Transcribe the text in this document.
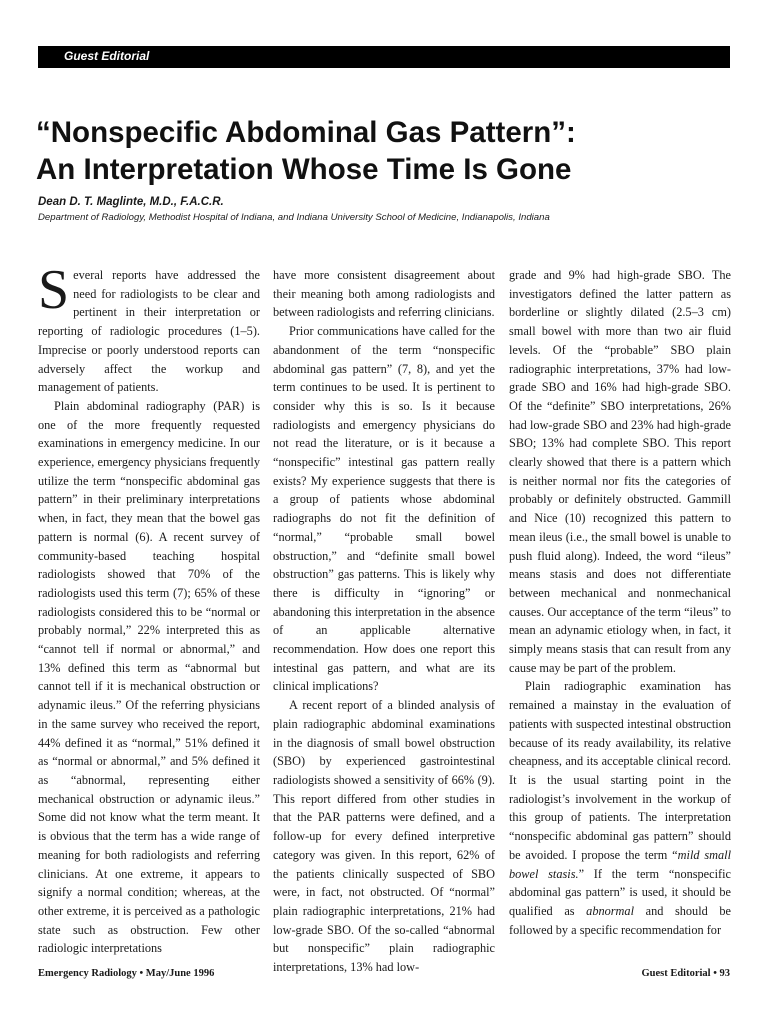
Guest Editorial
“Nonspecific Abdominal Gas Pattern”:
An Interpretation Whose Time Is Gone
Dean D. T. Maglinte, M.D., F.A.C.R.
Department of Radiology, Methodist Hospital of Indiana, and Indiana University School of Medicine, Indianapolis, Indiana

Several reports have addressed the need for radiologists to be clear and pertinent in their interpretation or reporting of radiologic procedures (1–5). Imprecise or poorly understood reports can adversely affect the workup and management of patients.

Plain abdominal radiography (PAR) is one of the more frequently requested examinations in emergency medicine. In our experience, emergency physicians frequently utilize the term “nonspecific abdominal gas pattern” in their preliminary interpretations when, in fact, they mean that the bowel gas pattern is normal (6). A recent survey of community-based teaching hospital radiologists showed that 70% of the radiologists used this term (7); 65% of these radiologists considered this to be “normal or probably normal,” 22% interpreted this as “cannot tell if normal or abnormal,” and 13% defined this term as “abnormal but cannot tell if it is mechanical obstruction or adynamic ileus.” Of the referring physicians in the same survey who received the report, 44% defined it as “normal,” 51% defined it as “normal or abnormal,” and 5% defined it as “abnormal, representing either mechanical obstruction or adynamic ileus.” Some did not know what the term meant. It is obvious that the term has a wide range of meaning for both radiologists and referring clinicians. At one extreme, it appears to signify a normal condition; whereas, at the other extreme, it is perceived as a pathologic state such as obstruction. Few other radiologic interpretations

have more consistent disagreement about their meaning both among radiologists and between radiologists and referring clinicians.

Prior communications have called for the abandonment of the term “nonspecific abdominal gas pattern” (7, 8), and yet the term continues to be used. It is pertinent to consider why this is so. Is it because radiologists and emergency physicians do not read the literature, or is it because a “nonspecific” intestinal gas pattern really exists? My experience suggests that there is a group of patients whose abdominal radiographs do not fit the definition of “normal,” “probable small bowel obstruction,” and “definite small bowel obstruction” gas patterns. This is likely why there is difficulty in “ignoring” or abandoning this interpretation in the absence of an applicable alternative recommendation. How does one report this intestinal gas pattern, and what are its clinical implications?

A recent report of a blinded analysis of plain radiographic abdominal examinations in the diagnosis of small bowel obstruction (SBO) by experienced gastrointestinal radiologists showed a sensitivity of 66% (9). This report differed from other studies in that the PAR patterns were defined, and a follow-up for every defined interpretive category was given. In this report, 62% of the patients clinically suspected of SBO were, in fact, not obstructed. Of “normal” plain radiographic interpretations, 21% had low-grade SBO. Of the so-called “abnormal but nonspecific” plain radiographic interpretations, 13% had low-

grade and 9% had high-grade SBO. The investigators defined the latter pattern as borderline or slightly dilated (2.5–3 cm) small bowel with more than two air fluid levels. Of the “probable” SBO plain radiographic interpretations, 37% had low-grade SBO and 16% had high-grade SBO. Of the “definite” SBO interpretations, 26% had low-grade SBO and 23% had high-grade SBO; 13% had complete SBO. This report clearly showed that there is a pattern which is neither normal nor fits the categories of probably or definitely obstructed. Gammill and Nice (10) recognized this pattern to mean ileus (i.e., the small bowel is unable to push fluid along). Indeed, the word “ileus” means stasis and does not differentiate between mechanical and nonmechanical causes. Our acceptance of the term “ileus” to mean an adynamic etiology when, in fact, it simply means stasis that can result from any cause may be part of the problem.

Plain radiographic examination has remained a mainstay in the evaluation of patients with suspected intestinal obstruction because of its ready availability, its relative cheapness, and its acceptable clinical record. It is the usual starting point in the radiologist’s involvement in the workup of this group of patients. The interpretation “nonspecific abdominal gas pattern” should be avoided. I propose the term “mild small bowel stasis.” If the term “nonspecific abdominal gas pattern” is used, it should be qualified as abnormal and should be followed by a specific recommendation for

Emergency Radiology • May/June 1996	Guest Editorial • 93
